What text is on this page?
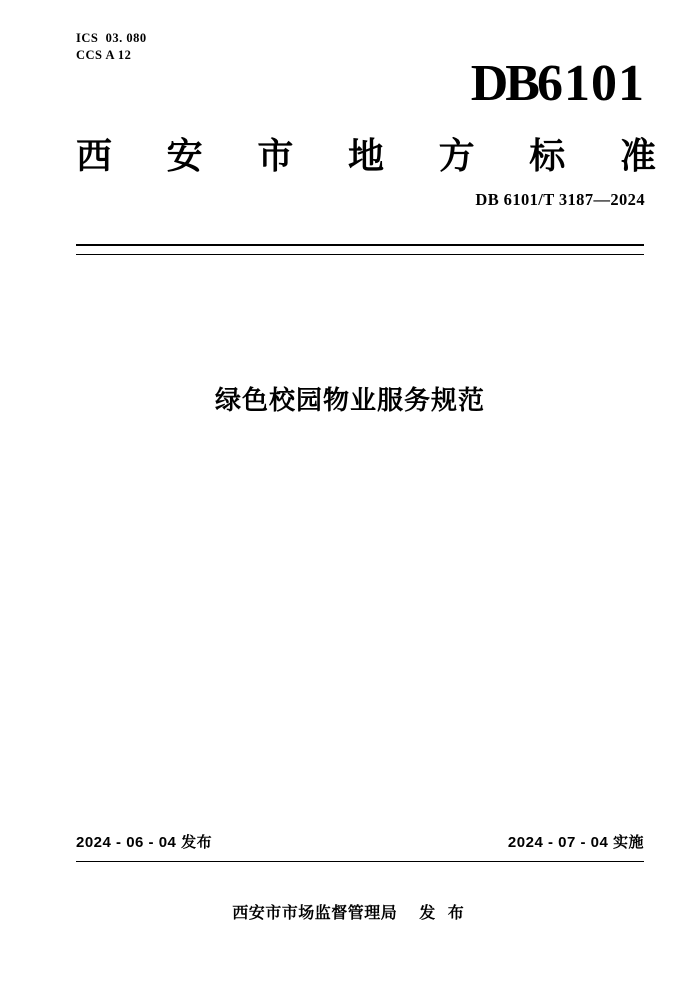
ICS  03. 080
CCS A 12	DB6101
西 安 市 地 方 标 准
DB 6101/T 3187—2024
绿色校园物业服务规范
2024 - 06 - 04 发布	2024 - 07 - 04 实施
西安市市场监督管理局 发 布
